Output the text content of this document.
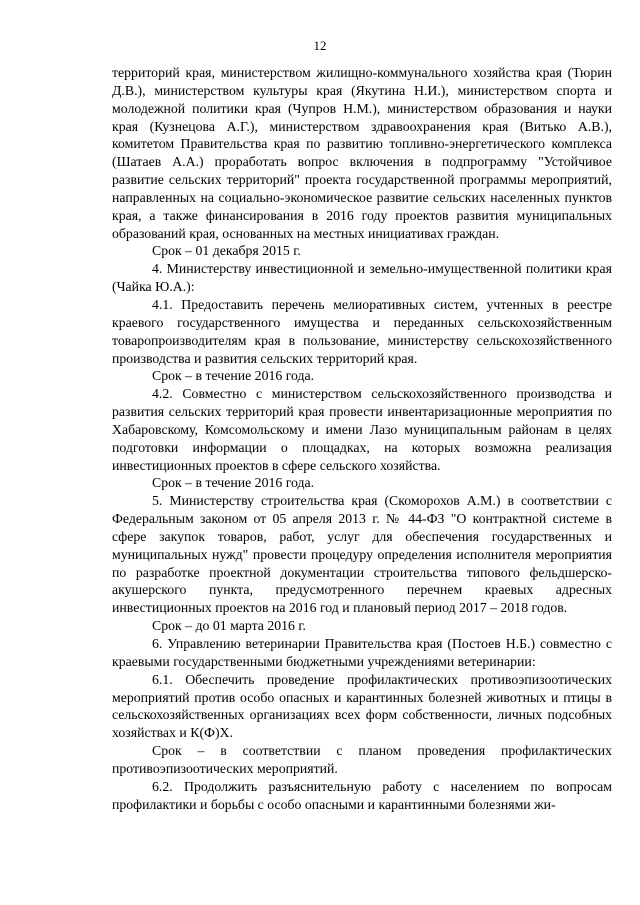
12

территорий края, министерством жилищно-коммунального хозяйства края (Тюрин Д.В.), министерством культуры края (Якутина Н.И.), министерством спорта и молодежной политики края (Чупров Н.М.), министерством образования и науки края (Кузнецова А.Г.), министерством здравоохранения края (Витько А.В.), комитетом Правительства края по развитию топливно-энергетического комплекса (Шатаев А.А.) проработать вопрос включения в подпрограмму "Устойчивое развитие сельских территорий" проекта государственной программы мероприятий, направленных на социально-экономическое развитие сельских населенных пунктов края, а также финансирования в 2016 году проектов развития муниципальных образований края, основанных на местных инициативах граждан.

Срок – 01 декабря 2015 г.

4. Министерству инвестиционной и земельно-имущественной политики края (Чайка Ю.А.):

4.1. Предоставить перечень мелиоративных систем, учтенных в реестре краевого государственного имущества и переданных сельскохозяйственным товаропроизводителям края в пользование, министерству сельскохозяйственного производства и развития сельских территорий края.

Срок – в течение 2016 года.

4.2. Совместно с министерством сельскохозяйственного производства и развития сельских территорий края провести инвентаризационные мероприятия по Хабаровскому, Комсомольскому и имени Лазо муниципальным районам в целях подготовки информации о площадках, на которых возможна реализация инвестиционных проектов в сфере сельского хозяйства.

Срок – в течение 2016 года.

5. Министерству строительства края (Скоморохов А.М.) в соответствии с Федеральным законом от 05 апреля 2013 г. № 44-ФЗ "О контрактной системе в сфере закупок товаров, работ, услуг для обеспечения государственных и муниципальных нужд" провести процедуру определения исполнителя мероприятия по разработке проектной документации строительства типового фельдшерско-акушерского пункта, предусмотренного перечнем краевых адресных инвестиционных проектов на 2016 год и плановый период 2017 – 2018 годов.

Срок – до 01 марта 2016 г.

6. Управлению ветеринарии Правительства края (Постоев Н.Б.) совместно с краевыми государственными бюджетными учреждениями ветеринарии:

6.1. Обеспечить проведение профилактических противоэпизоотических мероприятий против особо опасных и карантинных болезней животных и птицы в сельскохозяйственных организациях всех форм собственности, личных подсобных хозяйствах и К(Ф)Х.

Срок – в соответствии с планом проведения профилактических противоэпизоотических мероприятий.

6.2. Продолжить разъяснительную работу с населением по вопросам профилактики и борьбы с особо опасными и карантинными болезнями жи-
